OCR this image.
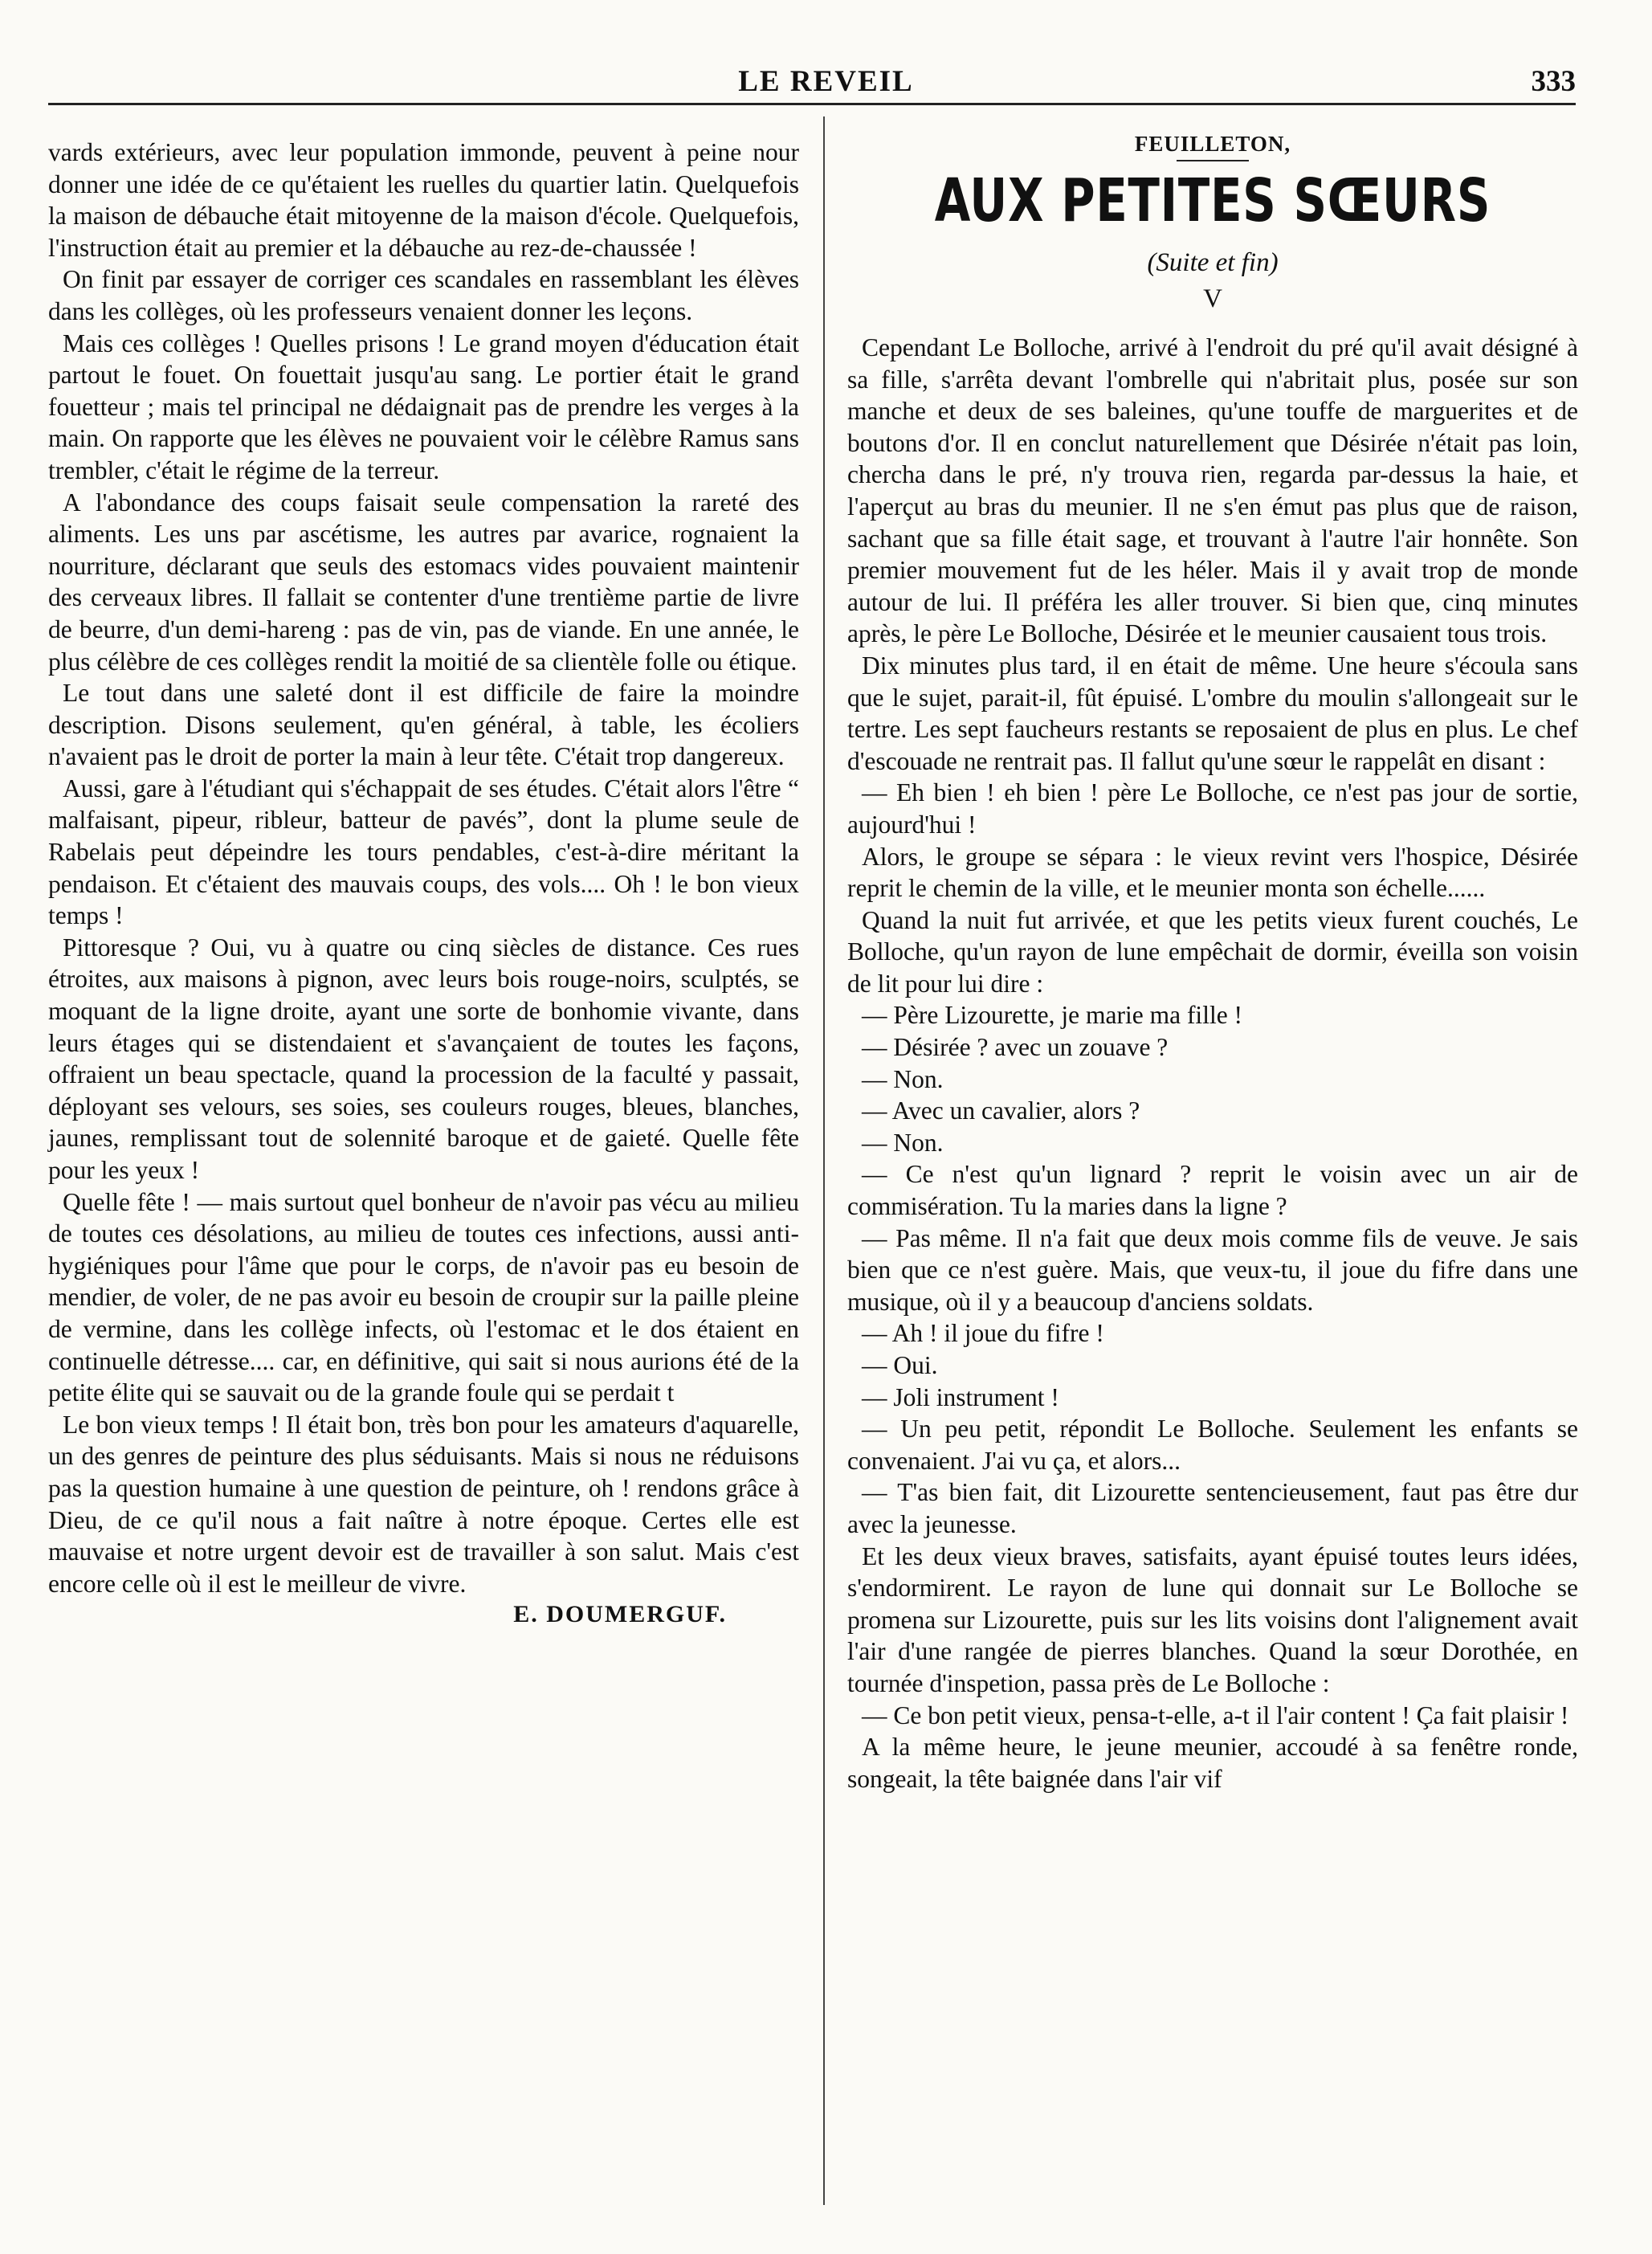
LE REVEIL	333

vards extérieurs, avec leur population immonde, peuvent à peine nour donner une idée de ce qu'étaient les ruelles du quartier latin. Quelquefois la maison de débauche était mitoyenne de la maison d'école. Quelquefois, l'instruction était au premier et la débauche au rez-de-chaussée !

On finit par essayer de corriger ces scandales en rassemblant les élèves dans les collèges, où les professeurs venaient donner les leçons.

Mais ces collèges ! Quelles prisons ! Le grand moyen d'éducation était partout le fouet. On fouettait jusqu'au sang. Le portier était le grand fouetteur ; mais tel principal ne dédaignait pas de prendre les verges à la main. On rapporte que les élèves ne pouvaient voir le célèbre Ramus sans trembler, c'était le régime de la terreur.

A l'abondance des coups faisait seule compensation la rareté des aliments. Les uns par ascétisme, les autres par avarice, rognaient la nourriture, déclarant que seuls des estomacs vides pouvaient maintenir des cerveaux libres. Il fallait se contenter d'une trentième partie de livre de beurre, d'un demi-hareng : pas de vin, pas de viande. En une année, le plus célèbre de ces collèges rendit la moitié de sa clientèle folle ou étique.

Le tout dans une saleté dont il est difficile de faire la moindre description. Disons seulement, qu'en général, à table, les écoliers n'avaient pas le droit de porter la main à leur tête. C'était trop dangereux.

Aussi, gare à l'étudiant qui s'échappait de ses études. C'était alors l'être “ malfaisant, pipeur, ribleur, batteur de pavés”, dont la plume seule de Rabelais peut dépeindre les tours pendables, c'est-à-dire méritant la pendaison. Et c'étaient des mauvais coups, des vols.... Oh ! le bon vieux temps !

Pittoresque ? Oui, vu à quatre ou cinq siècles de distance. Ces rues étroites, aux maisons à pignon, avec leurs bois rouge-noirs, sculptés, se moquant de la ligne droite, ayant une sorte de bonhomie vivante, dans leurs étages qui se distendaient et s'avançaient de toutes les façons, offraient un beau spectacle, quand la procession de la faculté y passait, déployant ses velours, ses soies, ses couleurs rouges, bleues, blanches, jaunes, remplissant tout de solennité baroque et de gaieté. Quelle fête pour les yeux !

Quelle fête ! — mais surtout quel bonheur de n'avoir pas vécu au milieu de toutes ces désolations, au milieu de toutes ces infections, aussi anti-hygiéniques pour l'âme que pour le corps, de n'avoir pas eu besoin de mendier, de voler, de ne pas avoir eu besoin de croupir sur la paille pleine de vermine, dans les collège infects, où l'estomac et le dos étaient en continuelle détresse.... car, en définitive, qui sait si nous aurions été de la petite élite qui se sauvait ou de la grande foule qui se perdait t

Le bon vieux temps ! Il était bon, très bon pour les amateurs d'aquarelle, un des genres de peinture des plus séduisants. Mais si nous ne réduisons pas la question humaine à une question de peinture, oh ! rendons grâce à Dieu, de ce qu'il nous a fait naître à notre époque. Certes elle est mauvaise et notre urgent devoir est de travailler à son salut. Mais c'est encore celle où il est le meilleur de vivre.

E. DOUMERGUF.
FEUILLETON,
AUX PETITES SŒURS
(Suite et fin)
V

Cependant Le Bolloche, arrivé à l'endroit du pré qu'il avait désigné à sa fille, s'arrêta devant l'ombrelle qui n'abritait plus, posée sur son manche et deux de ses baleines, qu'une touffe de marguerites et de boutons d'or. Il en conclut naturellement que Désirée n'était pas loin, chercha dans le pré, n'y trouva rien, regarda par-dessus la haie, et l'aperçut au bras du meunier. Il ne s'en émut pas plus que de raison, sachant que sa fille était sage, et trouvant à l'autre l'air honnête. Son premier mouvement fut de les héler. Mais il y avait trop de monde autour de lui. Il préféra les aller trouver. Si bien que, cinq minutes après, le père Le Bolloche, Désirée et le meunier causaient tous trois.

Dix minutes plus tard, il en était de même. Une heure s'écoula sans que le sujet, parait-il, fût épuisé. L'ombre du moulin s'allongeait sur le tertre. Les sept faucheurs restants se reposaient de plus en plus. Le chef d'escouade ne rentrait pas. Il fallut qu'une sœur le rappelât en disant :

— Eh bien ! eh bien ! père Le Bolloche, ce n'est pas jour de sortie, aujourd'hui !

Alors, le groupe se sépara : le vieux revint vers l'hospice, Désirée reprit le chemin de la ville, et le meunier monta son échelle......

Quand la nuit fut arrivée, et que les petits vieux furent couchés, Le Bolloche, qu'un rayon de lune empêchait de dormir, éveilla son voisin de lit pour lui dire :

— Père Lizourette, je marie ma fille !

— Désirée ? avec un zouave ?

— Non.

— Avec un cavalier, alors ?

— Non.

— Ce n'est qu'un lignard ? reprit le voisin avec un air de commisération. Tu la maries dans la ligne ?

— Pas même. Il n'a fait que deux mois comme fils de veuve. Je sais bien que ce n'est guère. Mais, que veux-tu, il joue du fifre dans une musique, où il y a beaucoup d'anciens soldats.

— Ah ! il joue du fifre !

— Oui.

— Joli instrument !

— Un peu petit, répondit Le Bolloche. Seulement les enfants se convenaient. J'ai vu ça, et alors...

— T'as bien fait, dit Lizourette sentencieusement, faut pas être dur avec la jeunesse.

Et les deux vieux braves, satisfaits, ayant épuisé toutes leurs idées, s'endormirent. Le rayon de lune qui donnait sur Le Bolloche se promena sur Lizourette, puis sur les lits voisins dont l'alignement avait l'air d'une rangée de pierres blanches. Quand la sœur Dorothée, en tournée d'inspetion, passa près de Le Bolloche :

— Ce bon petit vieux, pensa-t-elle, a-t il l'air content ! Ça fait plaisir !

A la même heure, le jeune meunier, accoudé à sa fenêtre ronde, songeait, la tête baignée dans l'air vif
